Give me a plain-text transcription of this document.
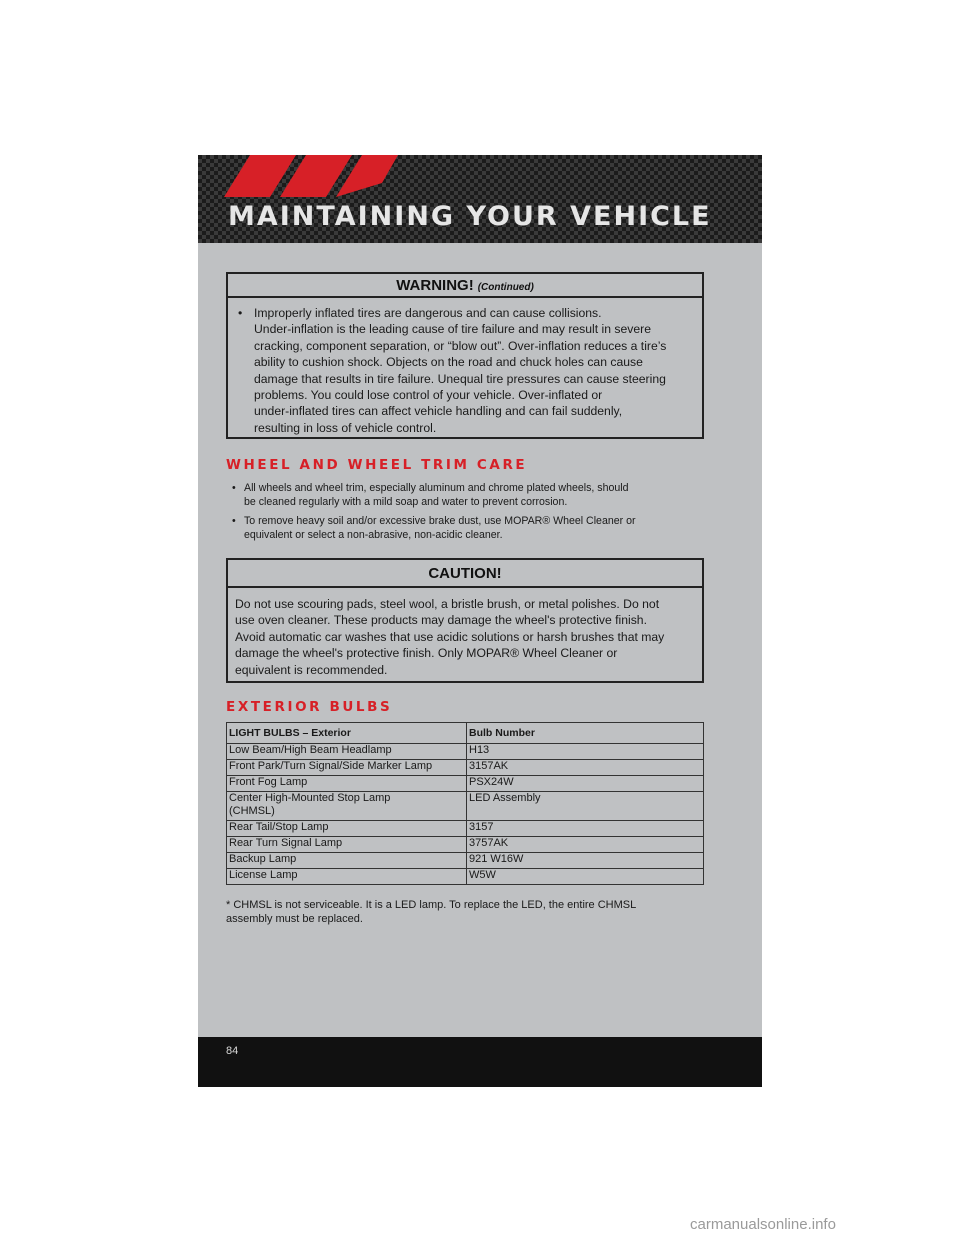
MAINTAINING YOUR VEHICLE
WARNING! (Continued)
• Improperly inflated tires are dangerous and can cause collisions.
Under-inflation is the leading cause of tire failure and may result in severe
cracking, component separation, or “blow out”. Over-inflation reduces a tire’s
ability to cushion shock. Objects on the road and chuck holes can cause
damage that results in tire failure. Unequal tire pressures can cause steering
problems. You could lose control of your vehicle. Over-inflated or
under-inflated tires can affect vehicle handling and can fail suddenly,
resulting in loss of vehicle control.
WHEEL AND WHEEL TRIM CARE
• All wheels and wheel trim, especially aluminum and chrome plated wheels, should
be cleaned regularly with a mild soap and water to prevent corrosion.
• To remove heavy soil and/or excessive brake dust, use MOPAR® Wheel Cleaner or
equivalent or select a non-abrasive, non-acidic cleaner.
CAUTION!
Do not use scouring pads, steel wool, a bristle brush, or metal polishes. Do not
use oven cleaner. These products may damage the wheel's protective finish.
Avoid automatic car washes that use acidic solutions or harsh brushes that may
damage the wheel's protective finish. Only MOPAR® Wheel Cleaner or
equivalent is recommended.
EXTERIOR BULBS
LIGHT BULBS – Exterior	Bulb Number
Low Beam/High Beam Headlamp	H13
Front Park/Turn Signal/Side Marker Lamp	3157AK
Front Fog Lamp	PSX24W

Center High-Mounted Stop Lamp
(CHMSL)	LED Assembly
Rear Tail/Stop Lamp	3157
Rear Turn Signal Lamp	3757AK
Backup Lamp	921 W16W
License Lamp	W5W
* CHMSL is not serviceable. It is a LED lamp. To replace the LED, the entire CHMSL
assembly must be replaced.
84
carmanualsonline.info
